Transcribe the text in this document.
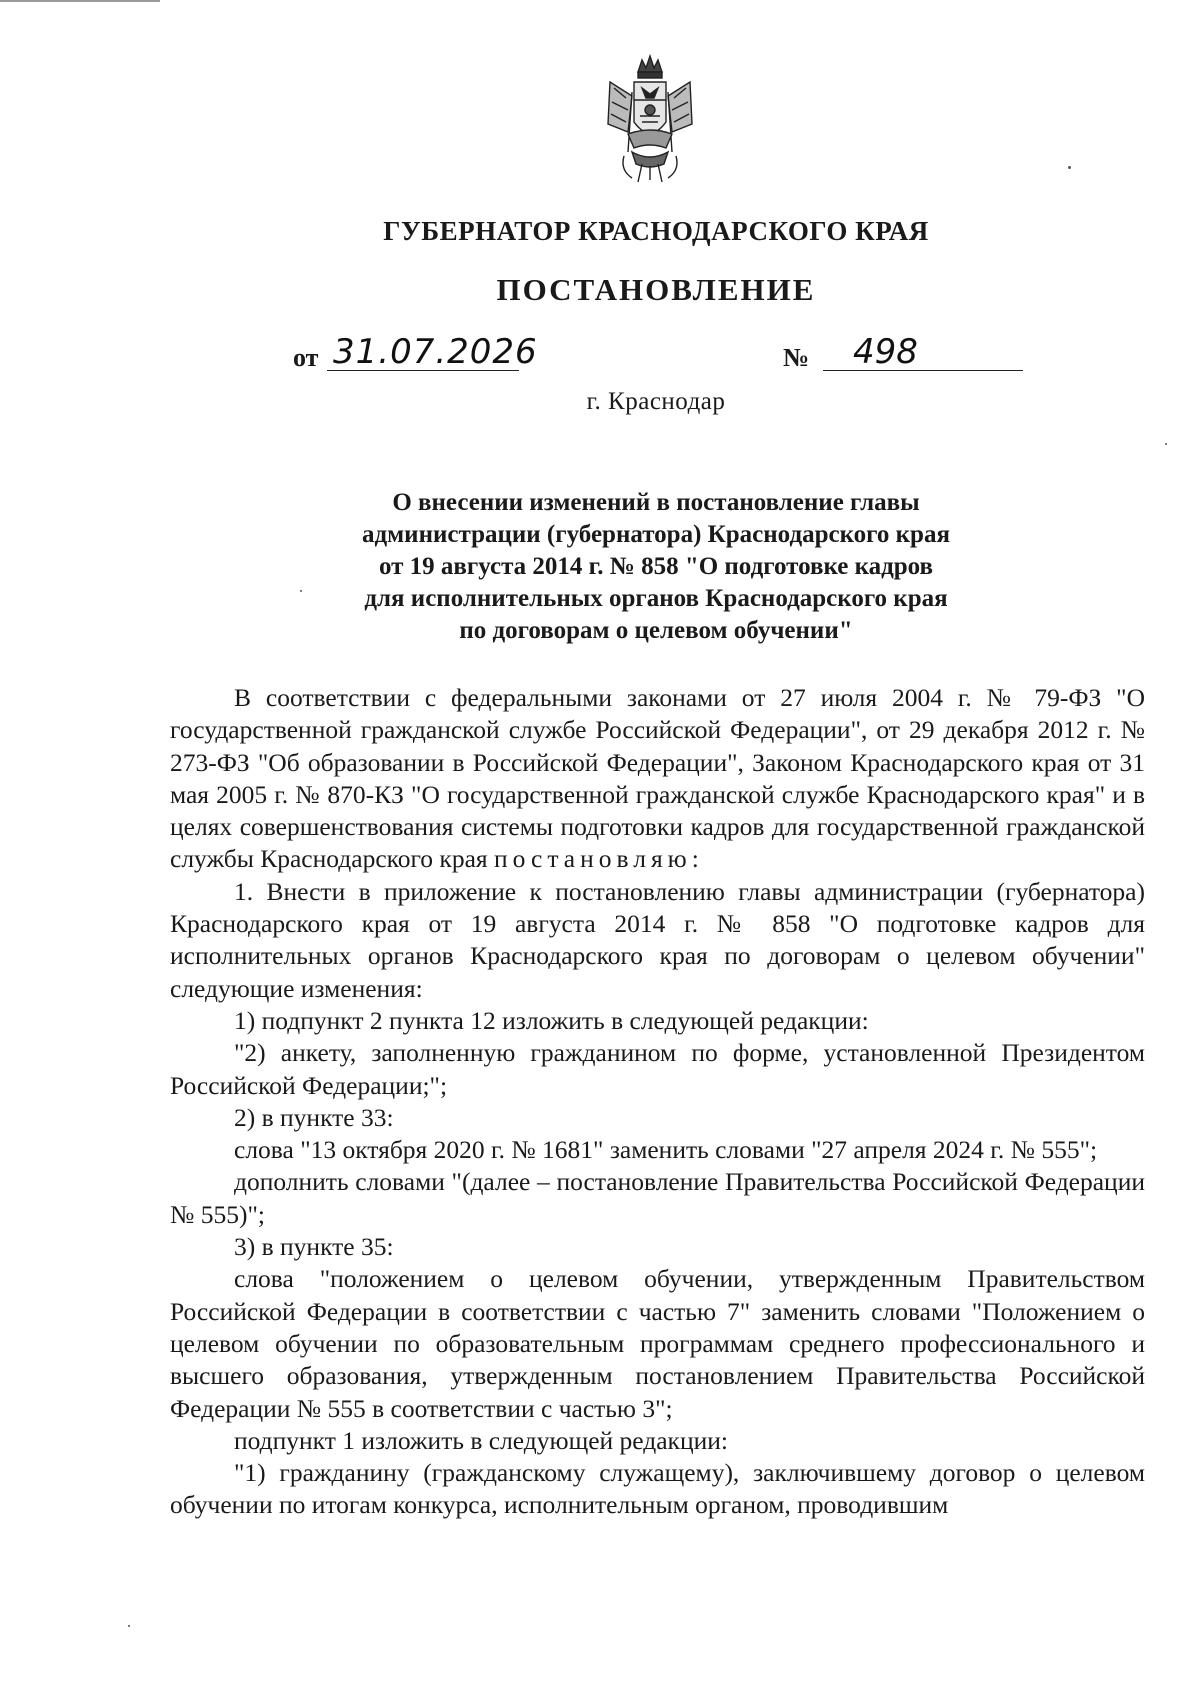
ГУБЕРНАТОР КРАСНОДАРСКОГО КРАЯ
ПОСТАНОВЛЕНИЕ
от 31.07.2026	№	498
г. Краснодар
О внесении изменений в постановление главы
администрации (губернатора) Краснодарского края
от 19 августа 2014 г. № 858 "О подготовке кадров
для исполнительных органов Краснодарского края
по договорам о целевом обучении"

В соответствии с федеральными законами от 27 июля 2004 г. № 79-ФЗ "О государственной гражданской службе Российской Федерации", от 29 декабря 2012 г. № 273-ФЗ "Об образовании в Российской Федерации", Законом Краснодарского края от 31 мая 2005 г. № 870-КЗ "О государственной гражданской службе Краснодарского края" и в целях совершенствования системы подготовки кадров для государственной гражданской службы Краснодарского края постановляю:

1. Внести в приложение к постановлению главы администрации (губернатора) Краснодарского края от 19 августа 2014 г. № 858 "О подготовке кадров для исполнительных органов Краснодарского края по договорам о целевом обучении" следующие изменения:

1) подпункт 2 пункта 12 изложить в следующей редакции:

"2) анкету, заполненную гражданином по форме, установленной Президентом Российской Федерации;";

2) в пункте 33:

слова "13 октября 2020 г. № 1681" заменить словами "27 апреля 2024 г. № 555";

дополнить словами "(далее – постановление Правительства Российской Федерации № 555)";

3) в пункте 35:

слова "положением о целевом обучении, утвержденным Правительством Российской Федерации в соответствии с частью 7" заменить словами "Положением о целевом обучении по образовательным программам среднего профессионального и высшего образования, утвержденным постановлением Правительства Российской Федерации № 555 в соответствии с частью 3";

подпункт 1 изложить в следующей редакции:

"1) гражданину (гражданскому служащему), заключившему договор о целевом обучении по итогам конкурса, исполнительным органом, проводившим
